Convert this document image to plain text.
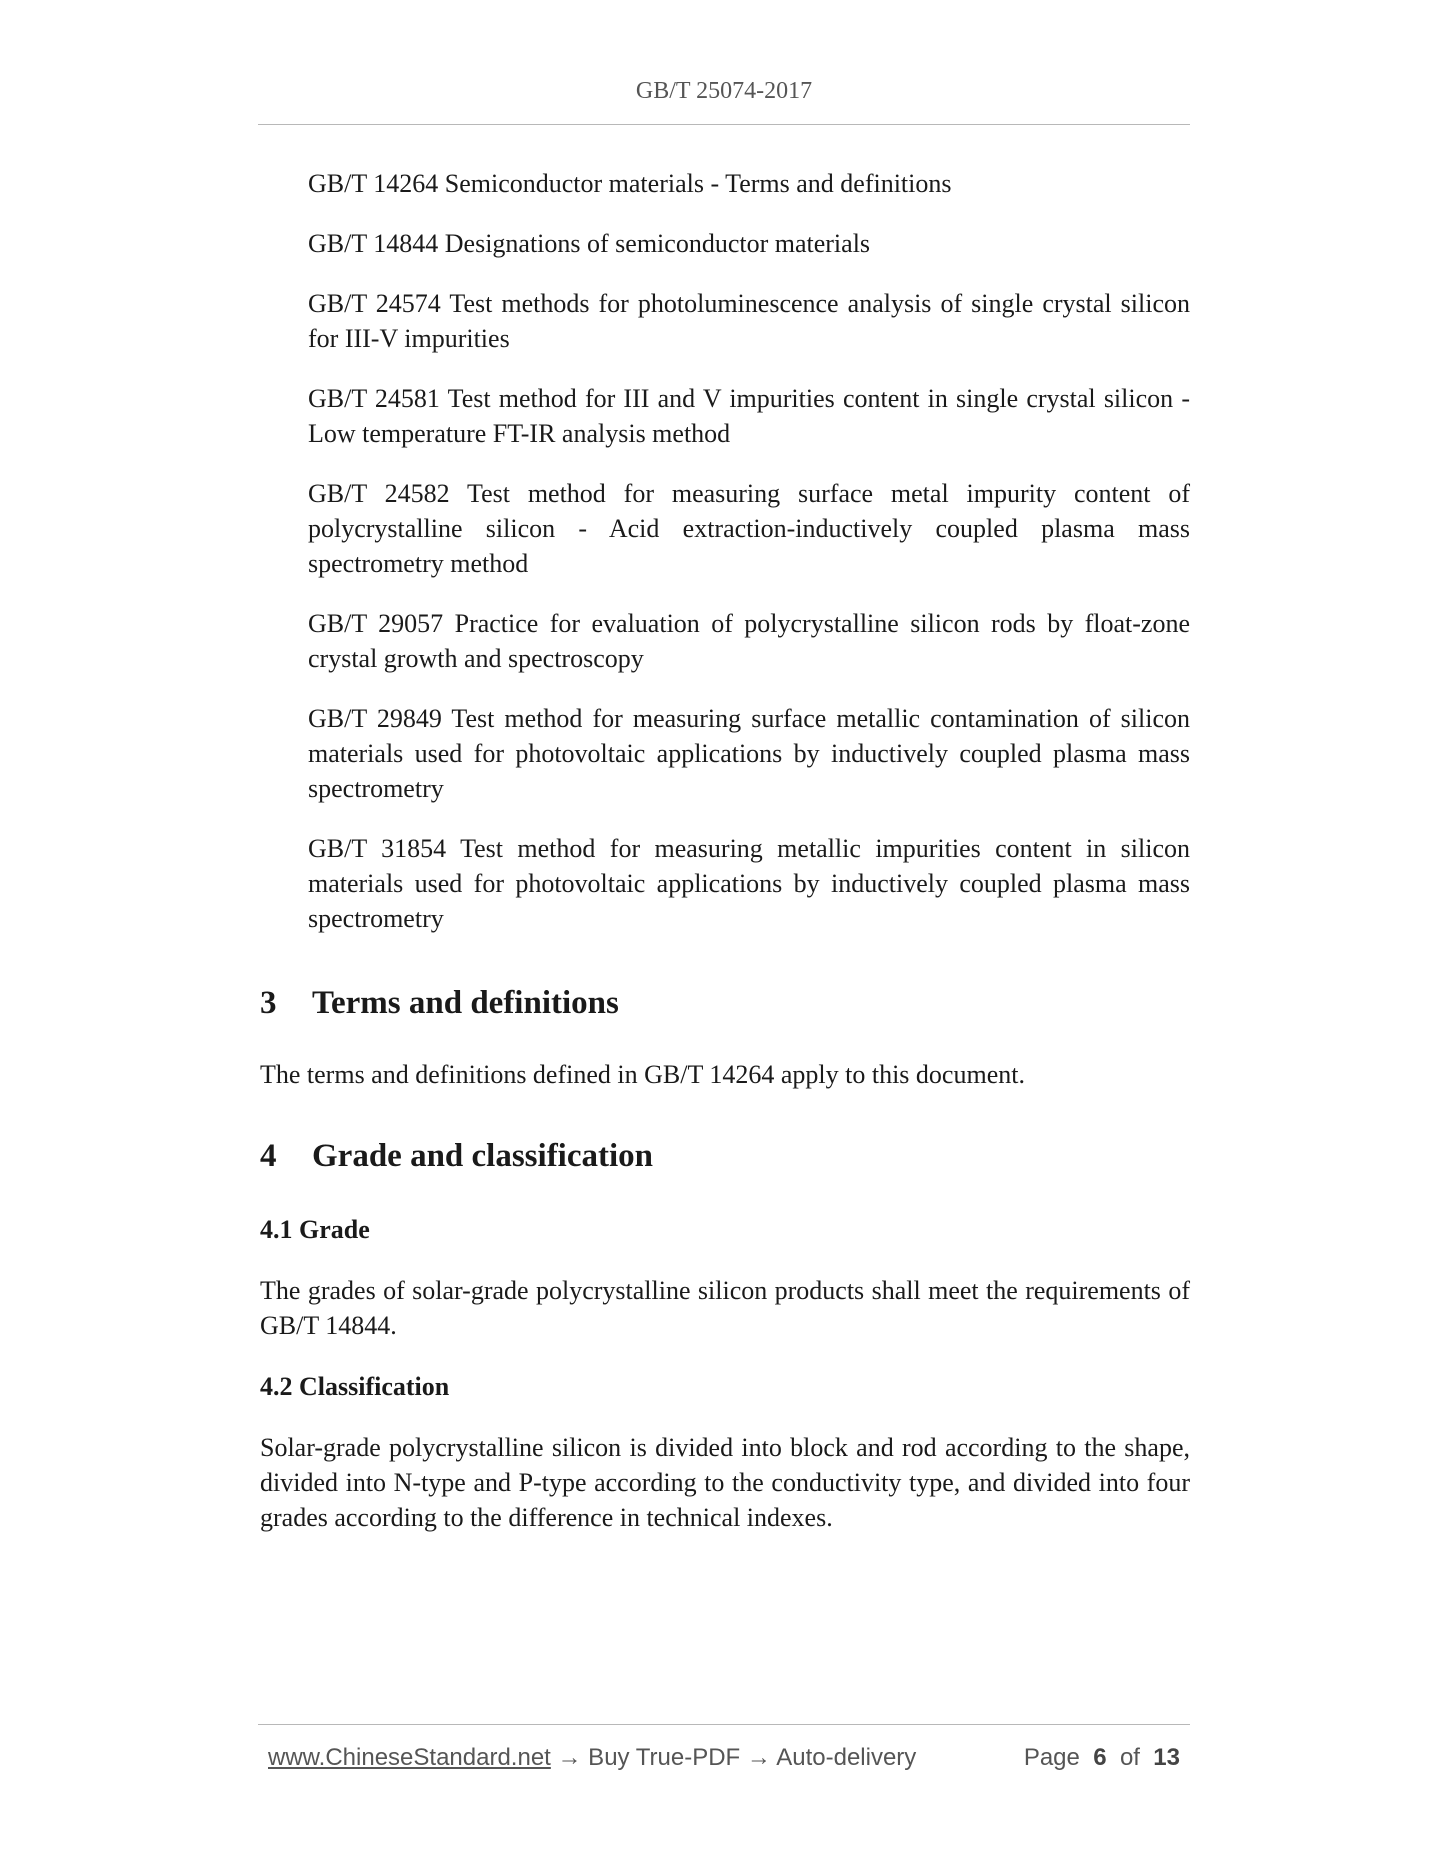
GB/T 25074-2017

GB/T 14264 Semiconductor materials - Terms and definitions

GB/T 14844 Designations of semiconductor materials

GB/T 24574 Test methods for photoluminescence analysis of single crystal silicon for III-V impurities

GB/T 24581 Test method for III and V impurities content in single crystal silicon - Low temperature FT-IR analysis method

GB/T 24582 Test method for measuring surface metal impurity content of polycrystalline silicon - Acid extraction-inductively coupled plasma mass spectrometry method

GB/T 29057 Practice for evaluation of polycrystalline silicon rods by float-zone crystal growth and spectroscopy

GB/T 29849 Test method for measuring surface metallic contamination of silicon materials used for photovoltaic applications by inductively coupled plasma mass spectrometry

GB/T 31854 Test method for measuring metallic impurities content in silicon materials used for photovoltaic applications by inductively coupled plasma mass spectrometry

3 Terms and definitions

The terms and definitions defined in GB/T 14264 apply to this document.

4 Grade and classification
4.1 Grade

The grades of solar-grade polycrystalline silicon products shall meet the requirements of GB/T 14844.

4.2 Classification

Solar-grade polycrystalline silicon is divided into block and rod according to the shape, divided into N-type and P-type according to the conductivity type, and divided into four grades according to the difference in technical indexes.

www.ChineseStandard.net → Buy True-PDF → Auto-delivery	Page 6 of 13
